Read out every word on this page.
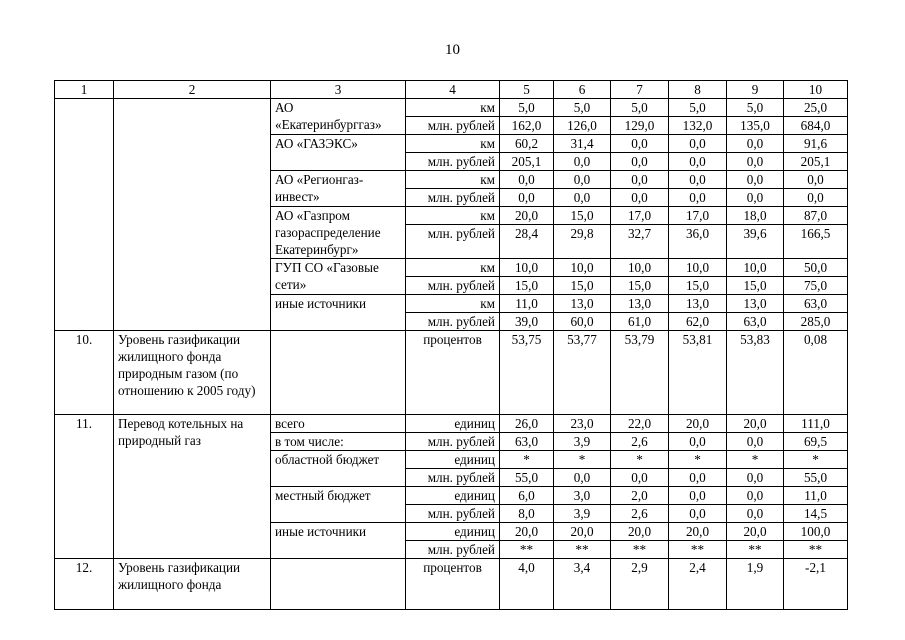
10
1	2	3	4	5	6	7	8	9	10
		АО «Екатеринбурггаз»	км	5,0	5,0	5,0	5,0	5,0	25,0
			млн. рублей	162,0	126,0	129,0	132,0	135,0	684,0
		АО «ГАЗЭКС»	км	60,2	31,4	0,0	0,0	0,0	91,6
			млн. рублей	205,1	0,0	0,0	0,0	0,0	205,1
		АО «Регионгаз-инвест»	км	0,0	0,0	0,0	0,0	0,0	0,0
			млн. рублей	0,0	0,0	0,0	0,0	0,0	0,0
		АО «Газпром газораспределение Екатеринбург»	км	20,0	15,0	17,0	17,0	18,0	87,0
			млн. рублей	28,4	29,8	32,7	36,0	39,6	166,5
		ГУП СО «Газовые сети»	км	10,0	10,0	10,0	10,0	10,0	50,0
			млн. рублей	15,0	15,0	15,0	15,0	15,0	75,0
		иные источники	км	11,0	13,0	13,0	13,0	13,0	63,0
			млн. рублей	39,0	60,0	61,0	62,0	63,0	285,0
10.	Уровень газификации жилищного фонда природным газом (по отношению к 2005 году)		процентов	53,75	53,77	53,79	53,81	53,83	0,08
11.	Перевод котельных на природный газ	всего	единиц	26,0	23,0	22,0	20,0	20,0	111,0
		в том числе:	млн. рублей	63,0	3,9	2,6	0,0	0,0	69,5
		областной бюджет	единиц	*	*	*	*	*	*
			млн. рублей	55,0	0,0	0,0	0,0	0,0	55,0
		местный бюджет	единиц	6,0	3,0	2,0	0,0	0,0	11,0
			млн. рублей	8,0	3,9	2,6	0,0	0,0	14,5
		иные источники	единиц	20,0	20,0	20,0	20,0	20,0	100,0
			млн. рублей	**	**	**	**	**	**
12.	Уровень газификации жилищного фонда		процентов	4,0	3,4	2,9	2,4	1,9	-2,1
